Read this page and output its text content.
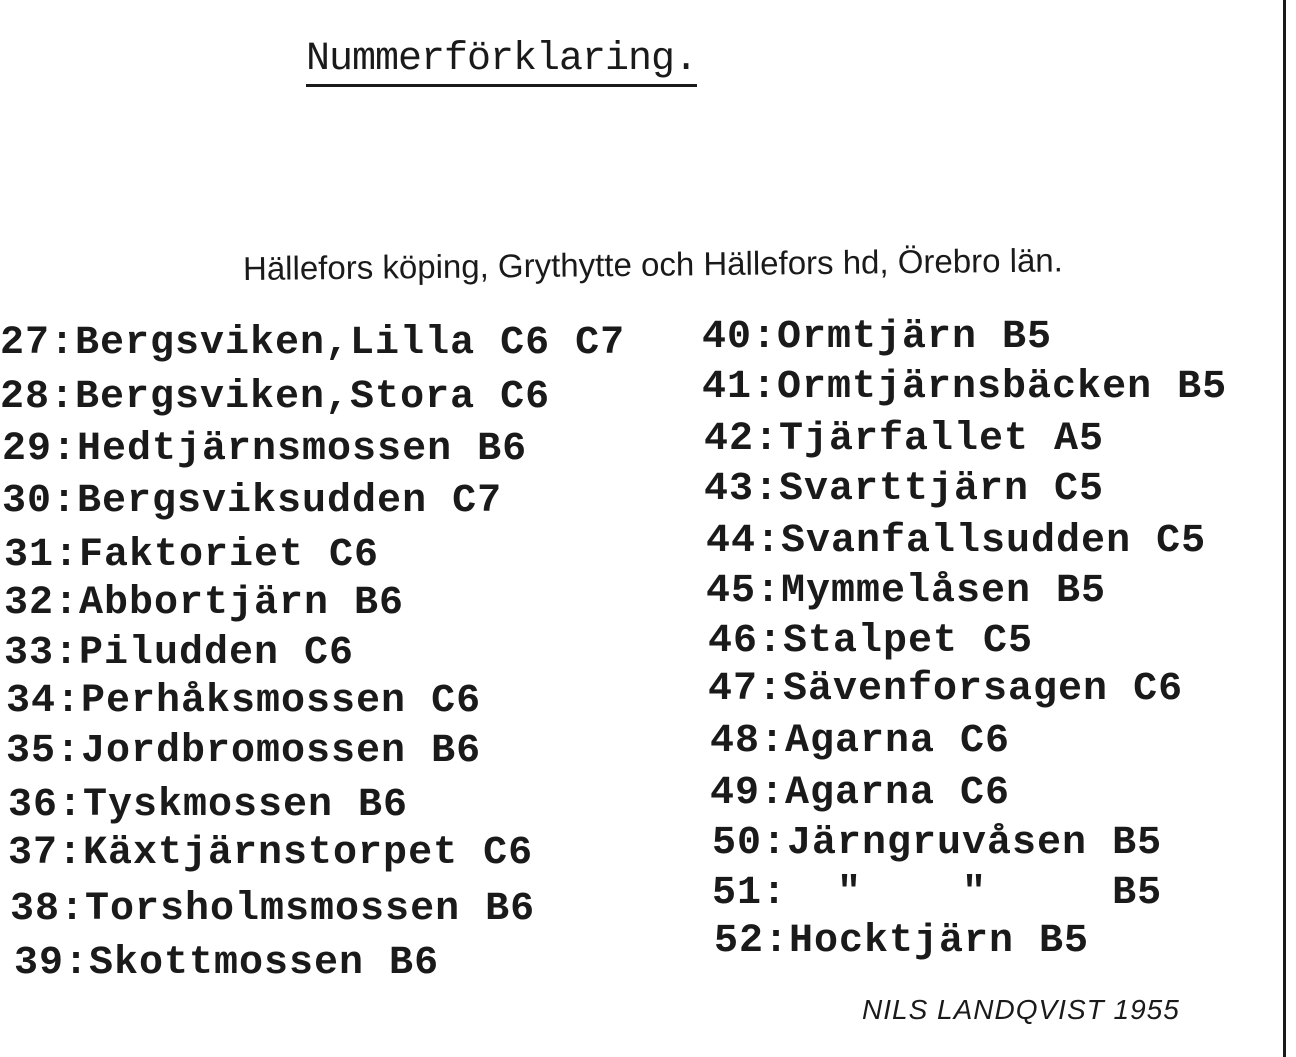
Nummerförklaring.
Hällefors köping, Grythytte och Hällefors hd, Örebro län.

27:Bergsviken,Lilla C6 C7

28:Bergsviken,Stora C6

29:Hedtjärnsmossen B6

30:Bergsviksudden C7

31:Faktoriet C6

32:Abbortjärn B6

33:Piludden C6

34:Perhåksmossen C6

35:Jordbromossen B6

36:Tyskmossen B6

37:Käxtjärnstorpet C6

38:Torsholmsmossen B6

39:Skottmossen B6

40:Ormtjärn B5

41:Ormtjärnsbäcken B5

42:Tjärfallet A5

43:Svarttjärn C5

44:Svanfallsudden C5

45:Mymmelåsen B5

46:Stalpet C5

47:Sävenforsagen C6

48:Agarna C6

49:Agarna C6

50:Järngruvåsen B5

51:  "    "     B5

52:Hocktjärn B5

NILS LANDQVIST 1955
